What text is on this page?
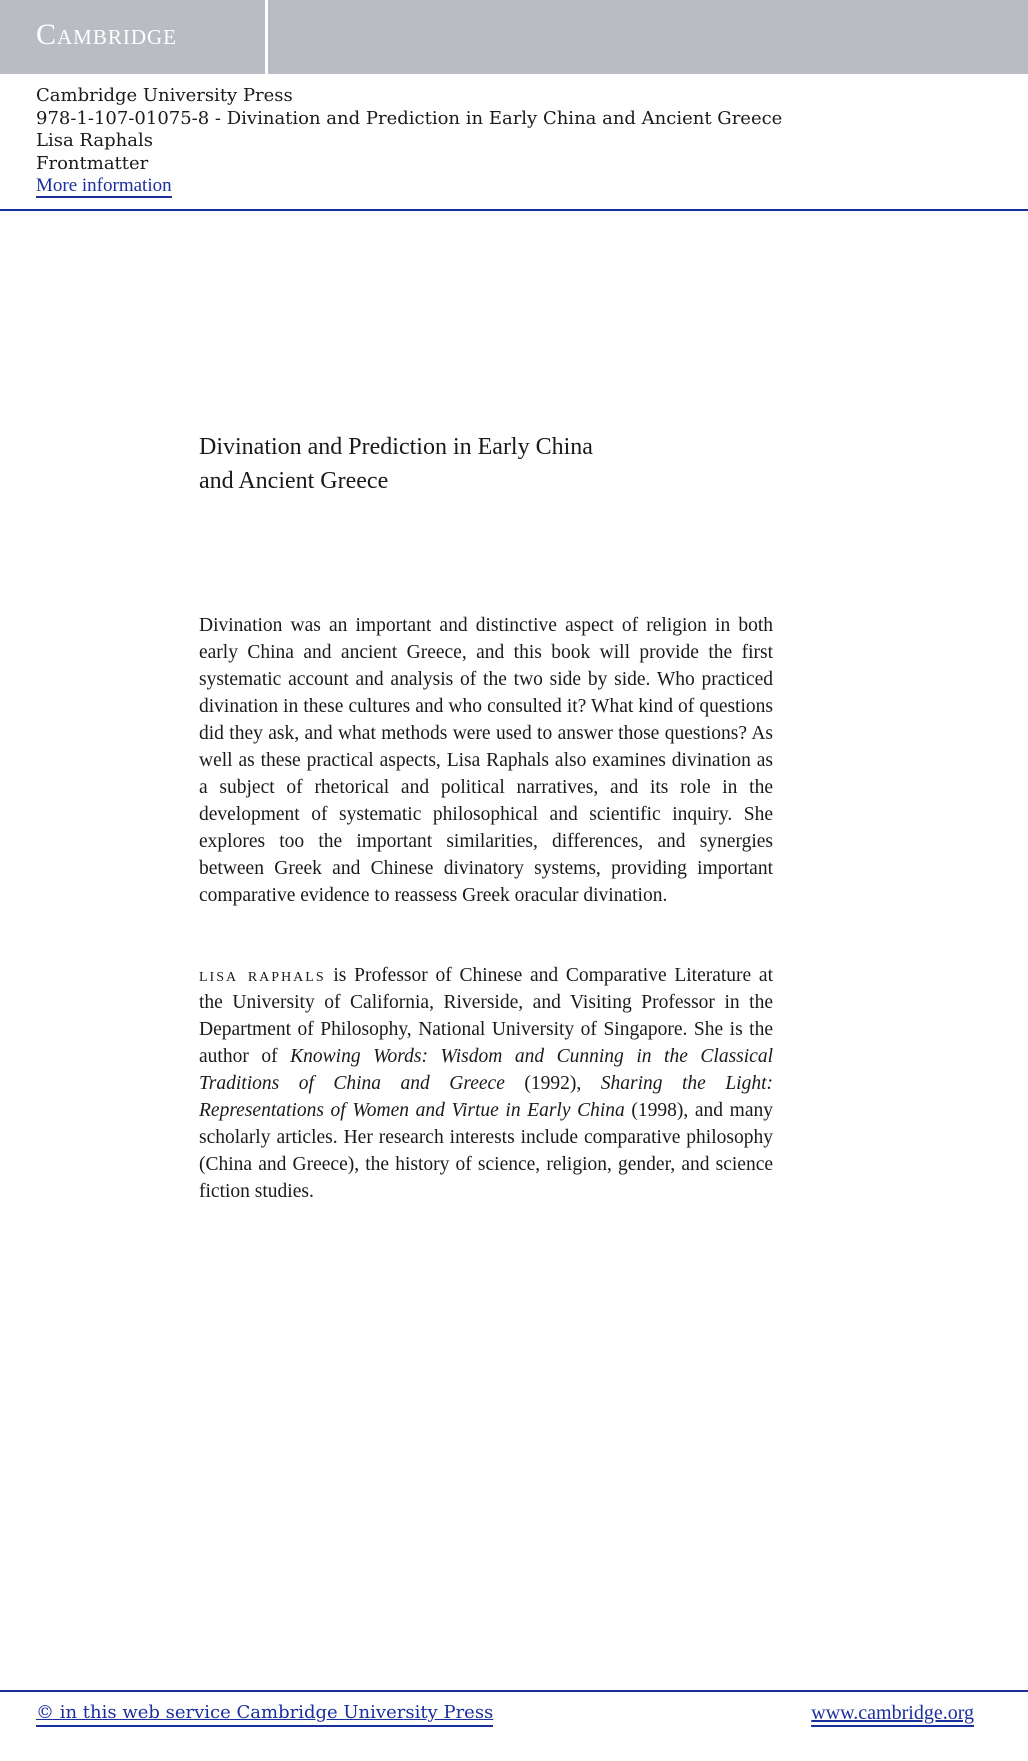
Cambridge
Cambridge University Press
978-1-107-01075-8 - Divination and Prediction in Early China and Ancient Greece
Lisa Raphals
Frontmatter
More information
Divination and Prediction in Early China
and Ancient Greece
Divination was an important and distinctive aspect of religion in both early China and ancient Greece, and this book will provide the first systematic account and analysis of the two side by side. Who practiced divination in these cultures and who consulted it? What kind of questions did they ask, and what methods were used to answer those questions? As well as these practical aspects, Lisa Raphals also examines divination as a subject of rhetorical and political narratives, and its role in the development of systematic philosophical and scientific inquiry. She explores too the important similarities, differences, and synergies between Greek and Chinese divinatory systems, providing important comparative evidence to reassess Greek oracular divination.
lisa raphals is Professor of Chinese and Comparative Literature at the University of California, Riverside, and Visiting Professor in the Department of Philosophy, National University of Singapore. She is the author of Knowing Words: Wisdom and Cunning in the Classical Traditions of China and Greece (1992), Sharing the Light: Representations of Women and Virtue in Early China (1998), and many scholarly articles. Her research interests include comparative philosophy (China and Greece), the history of science, religion, gender, and science fiction studies.
© in this web service Cambridge University Press	www.cambridge.org
